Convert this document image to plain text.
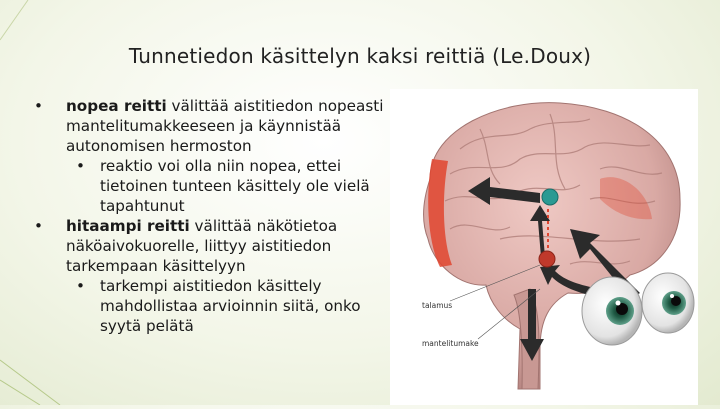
Tunnetiedon käsittelyn kaksi reittiä (Le.Doux)

• nopea reitti välittää aistitiedon nopeasti mantelitumakkeeseen ja käynnistää autonomisen hermoston

• reaktio voi olla niin nopea, ettei tietoinen tunteen käsittely ole vielä tapahtunut

• hitaampi reitti välittää näkötietoa näköaivokuorelle, liittyy aistitiedon tarkempaan käsittelyyn

• tarkempi aistitiedon käsittely mahdollistaa arvioinnin siitä, onko syytä pelätä

talamus
mantelitumake
